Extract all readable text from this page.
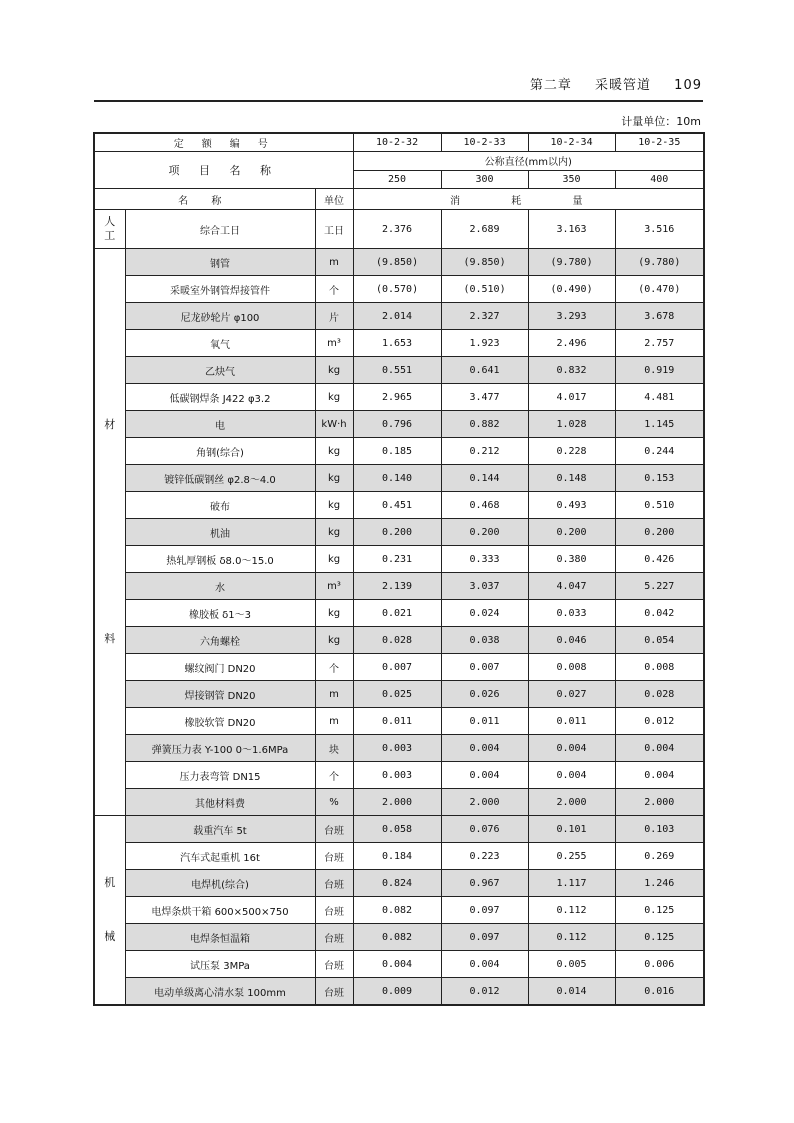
第二章 采暖管道 109
计量单位：10m
定 额 编 号			10-2-32	10-2-33	10-2-34	10-2-35
项 目 名 称			公称直径(mm以内)			
			250	300	350	400
名 称		单位	消 耗 量			

人
工	综合工日	工日	2.376	2.689	3.163	3.516

材
料	钢管	m	(9.850)	(9.850)	(9.780)	(9.780)
	采暖室外钢管焊接管件	个	(0.570)	(0.510)	(0.490)	(0.470)
	尼龙砂轮片 φ100	片	2.014	2.327	3.293	3.678
	氧气	m³	1.653	1.923	2.496	2.757
	乙炔气	kg	0.551	0.641	0.832	0.919
	低碳钢焊条 J422 φ3.2	kg	2.965	3.477	4.017	4.481
	电	kW·h	0.796	0.882	1.028	1.145
	角钢(综合)	kg	0.185	0.212	0.228	0.244
	镀锌低碳钢丝 φ2.8～4.0	kg	0.140	0.144	0.148	0.153
	破布	kg	0.451	0.468	0.493	0.510
	机油	kg	0.200	0.200	0.200	0.200
	热轧厚钢板 δ8.0～15.0	kg	0.231	0.333	0.380	0.426
	水	m³	2.139	3.037	4.047	5.227
	橡胶板 δ1～3	kg	0.021	0.024	0.033	0.042
	六角螺栓	kg	0.028	0.038	0.046	0.054
	螺纹阀门 DN20	个	0.007	0.007	0.008	0.008
	焊接钢管 DN20	m	0.025	0.026	0.027	0.028
	橡胶软管 DN20	m	0.011	0.011	0.011	0.012
	弹簧压力表 Y-100 0～1.6MPa	块	0.003	0.004	0.004	0.004
	压力表弯管 DN15	个	0.003	0.004	0.004	0.004
	其他材料费	%	2.000	2.000	2.000	2.000

机
械	载重汽车 5t	台班	0.058	0.076	0.101	0.103
	汽车式起重机 16t	台班	0.184	0.223	0.255	0.269
	电焊机(综合)	台班	0.824	0.967	1.117	1.246
	电焊条烘干箱 600×500×750	台班	0.082	0.097	0.112	0.125
	电焊条恒温箱	台班	0.082	0.097	0.112	0.125
	试压泵 3MPa	台班	0.004	0.004	0.005	0.006
	电动单级离心清水泵 100mm	台班	0.009	0.012	0.014	0.016
